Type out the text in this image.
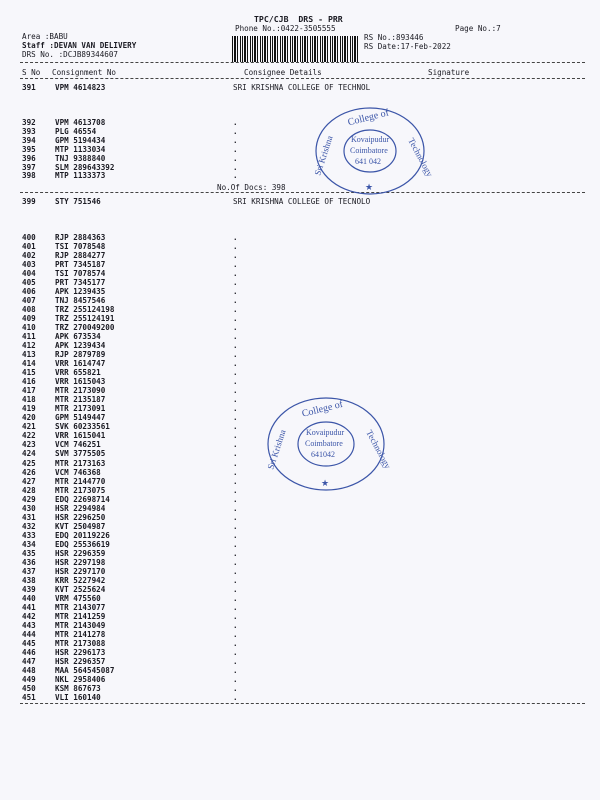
TPC/CJB  DRS - PRR
Phone No.:0422-3505555	Page No.:7
Area :BABU
Staff :DEVAN VAN DELIVERY
DRS No. :DCJB89344607
RS No.:893446
RS Date:17-Feb-2022
S No Consignment No	Consignee Details	Signature
391	VPM 4614823	SRI KRISHNA COLLEGE OF TECHNOL
392	VPM 4613708	.
393	PLG 46554	.
394	GPM 5194434	.
395	MTP 1133034	.
396	TNJ 9388840	.
397	SLM 289643392	.
398	MTP 1133373	.
No.Of Docs: 398
399	STY 751546	SRI KRISHNA COLLEGE OF TECNOLO
400	RJP 2884363	.
401	TSI 7078548	.
402	RJP 2884277	.
403	PRT 7345187	.
404	TSI 7078574	.
405	PRT 7345177	.
406	APK 1239435	.
407	TNJ 8457546	.
408	TRZ 255124198	.
409	TRZ 255124191	.
410	TRZ 270049200	.
411	APK 673534	.
412	APK 1239434	.
413	RJP 2879789	.
414	VRR 1614747	.
415	VRR 655821	.
416	VRR 1615043	.
417	MTR 2173090	.
418	MTR 2135187	.
419	MTR 2173091	.
420	GPM 5149447	.
421	SVK 60233561	.
422	VRR 1615041	.
423	VCM 746251	.
424	SVM 3775505	.
425	MTR 2173163	.
426	VCM 746368	.
427	MTR 2144770	.
428	MTR 2173075	.
429	EDQ 22698714	.
430	HSR 2294984	.
431	HSR 2296250	.
432	KVT 2504987	.
433	EDQ 20119226	.
434	EDQ 25536619	.
435	HSR 2296359	.
436	HSR 2297198	.
437	HSR 2297170	.
438	KRR 5227942	.
439	KVT 2525624	.
440	VRM 475560	.
441	MTR 2143077	.
442	MTR 2141259	.
443	MTR 2143049	.
444	MTR 2141278	.
445	MTR 2173088	.
446	HSR 2296173	.
447	HSR 2296357	.
448	MAA 564545087	.
449	NKL 2958406	.
450	KSM 867673	.
451	VLI 160140	.
Kovaipudur
Coimbatore
641 042
College of
Technology
Sri Krishna
★
Kovaipudur
Coimbatore
641042
College of
Technology
Sri Krishna
★
